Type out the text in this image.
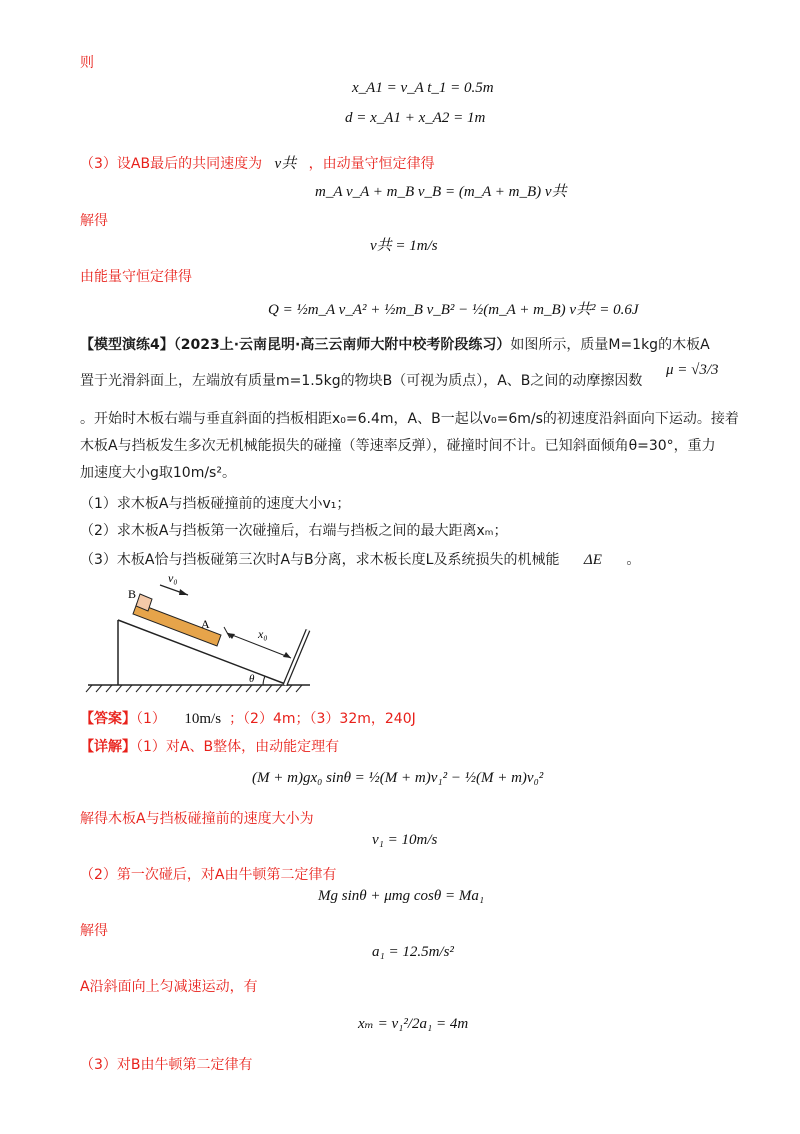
则
x_A1 = v_A t_1 = 0.5m
d = x_A1 + x_A2 = 1m
（3）设AB最后的共同速度为 v共 ，由动量守恒定律得
m_A v_A + m_B v_B = (m_A + m_B) v共
解得
v共 = 1m/s
由能量守恒定律得
Q = ½m_A v_A² + ½m_B v_B² − ½(m_A + m_B) v共² = 0.6J
【模型演练4】（2023上·云南昆明·高三云南师大附中校考阶段练习）如图所示，质量M=1kg的木板A
置于光滑斜面上，左端放有质量m=1.5kg的物块B（可视为质点），A、B之间的动摩擦因数
μ = √3/3
。开始时木板右端与垂直斜面的挡板相距x₀=6.4m，A、B一起以v₀=6m/s的初速度沿斜面向下运动。接着
木板A与挡板发生多次无机械能损失的碰撞（等速率反弹），碰撞时间不计。已知斜面倾角θ=30°，重力
加速度大小g取10m/s²。
（1）求木板A与挡板碰撞前的速度大小v₁；
（2）求木板A与挡板第一次碰撞后，右端与挡板之间的最大距离xₘ；
（3）木板A恰与挡板碰第三次时A与B分离，求木板长度L及系统损失的机械能 ΔE 。
v₀
B
A
x₀
θ
【答案】（1） 10m/s ；（2）4m；（3）32m，240J
【详解】（1）对A、B整体，由动能定理有
(M + m)gx₀ sinθ = ½(M + m)v₁² − ½(M + m)v₀²
解得木板A与挡板碰撞前的速度大小为
v₁ = 10m/s
（2）第一次碰后，对A由牛顿第二定律有
Mg sinθ + μmg cosθ = Ma₁
解得
a₁ = 12.5m/s²
A沿斜面向上匀减速运动，有
xₘ = v₁²/2a₁ = 4m
（3）对B由牛顿第二定律有
